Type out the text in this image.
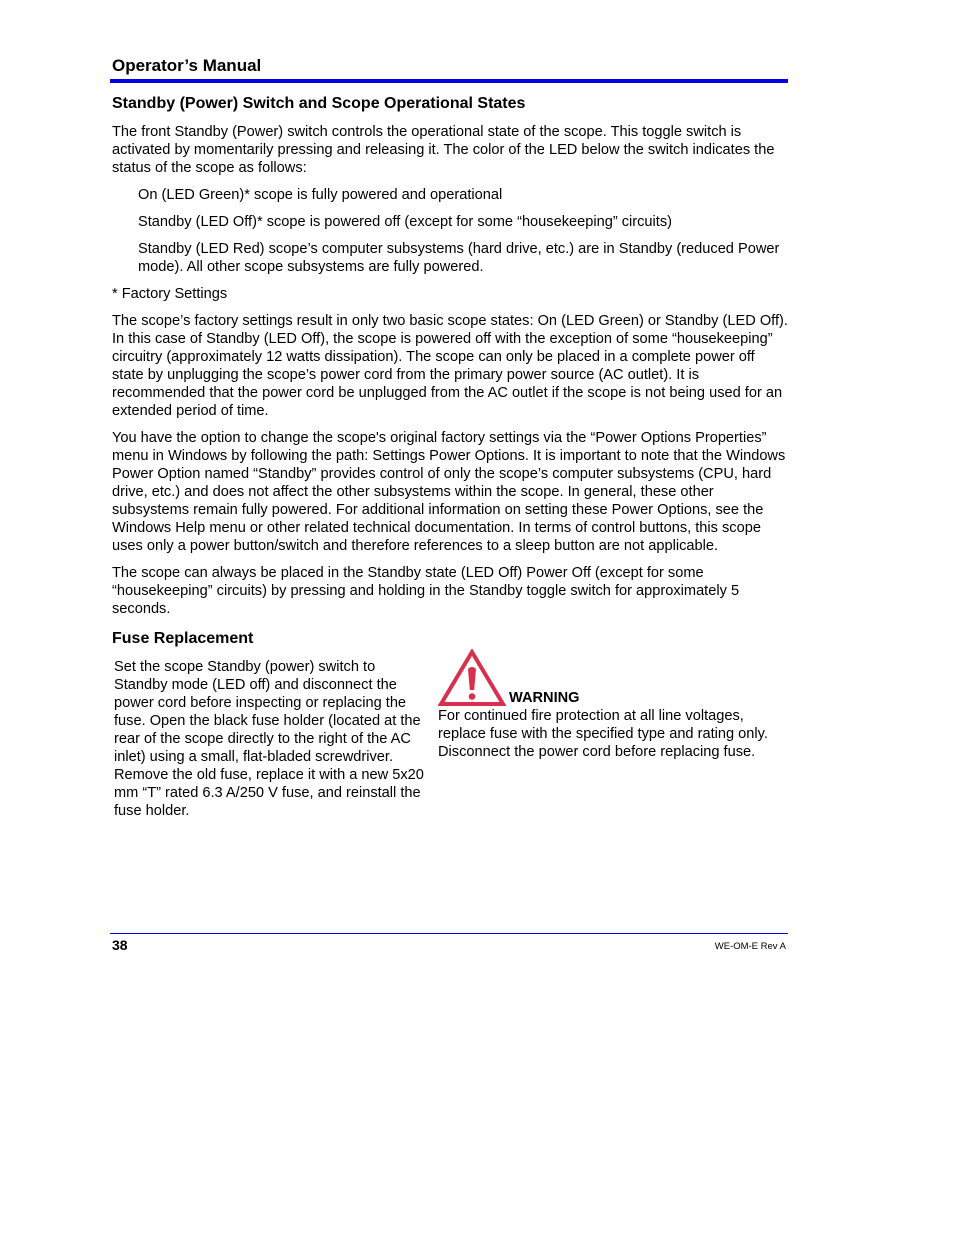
Operator’s Manual
Standby (Power) Switch and Scope Operational States

The front Standby (Power) switch controls the operational state of the scope. This toggle switch is activated by momentarily pressing and releasing it. The color of the LED below the switch indicates the status of the scope as follows:

On (LED Green)* scope is fully powered and operational

Standby (LED Off)* scope is powered off (except for some “housekeeping” circuits)

Standby (LED Red) scope’s computer subsystems (hard drive, etc.) are in Standby (reduced Power mode). All other scope subsystems are fully powered.

* Factory Settings

The scope’s factory settings result in only two basic scope states: On (LED Green) or Standby (LED Off). In this case of Standby (LED Off), the scope is powered off with the exception of some “housekeeping” circuitry (approximately 12 watts dissipation). The scope can only be placed in a complete power off state by unplugging the scope’s power cord from the primary power source (AC outlet). It is recommended that the power cord be unplugged from the AC outlet if the scope is not being used for an extended period of time.

You have the option to change the scope's original factory settings via the “Power Options Properties” menu in Windows by following the path: Settings Power Options. It is important to note that the Windows Power Option named “Standby” provides control of only the scope’s computer subsystems (CPU, hard drive, etc.) and does not affect the other subsystems within the scope. In general, these other subsystems remain fully powered. For additional information on setting these Power Options, see the Windows Help menu or other related technical documentation. In terms of control buttons, this scope uses only a power button/switch and therefore references to a sleep button are not applicable.

The scope can always be placed in the Standby state (LED Off) Power Off (except for some “housekeeping” circuits) by pressing and holding in the Standby toggle switch for approximately 5 seconds.

Fuse Replacement

Set the scope Standby (power) switch to Standby mode (LED off) and disconnect the power cord before inspecting or replacing the fuse. Open the black fuse holder (located at the rear of the scope directly to the right of the AC inlet) using a small, flat-bladed screwdriver. Remove the old fuse, replace it with a new 5x20 mm “T” rated 6.3 A/250 V fuse, and reinstall the fuse holder.

WARNING

For continued fire protection at all line voltages, replace fuse with the specified type and rating only. Disconnect the power cord before replacing fuse.

38	WE-OM-E Rev A
